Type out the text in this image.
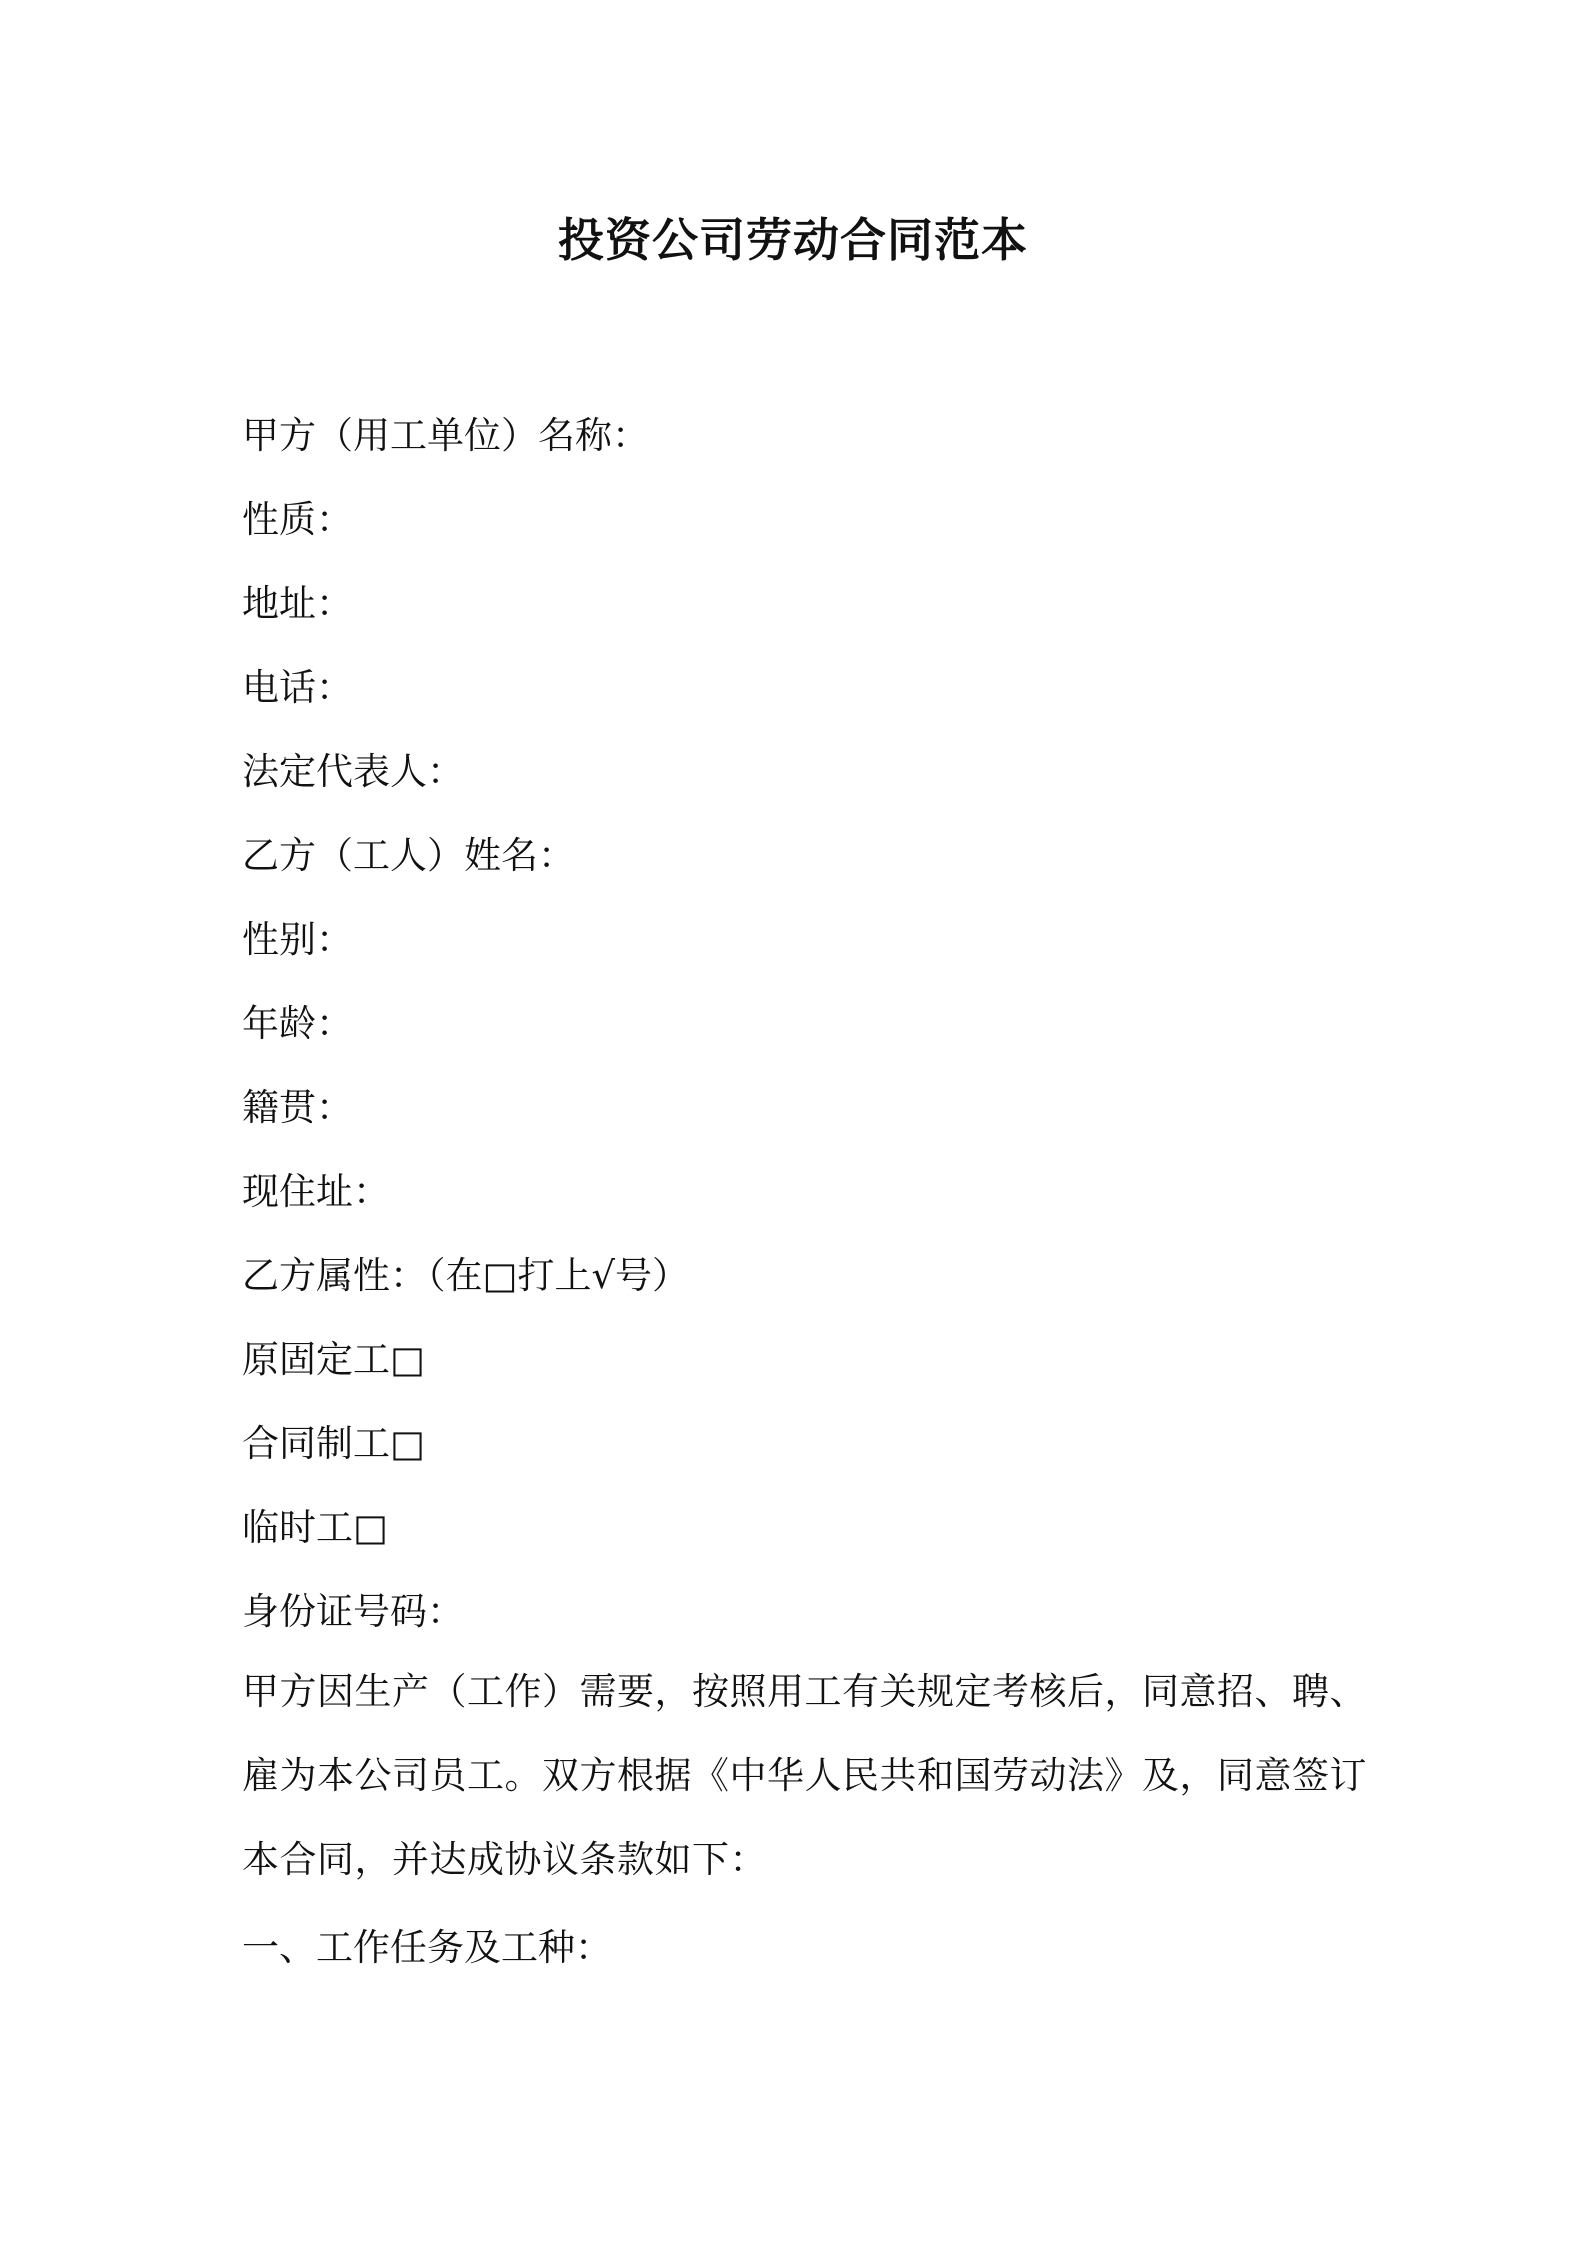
投资公司劳动合同范本
甲方（用工单位）名称：
性质：
地址：
电话：
法定代表人：
乙方（工人）姓名：
性别：
年龄：
籍贯：
现住址：
乙方属性：（在□打上√号）
原固定工□
合同制工□
临时工□
身份证号码：
甲方因生产（工作）需要，按照用工有关规定考核后，同意招、聘、
雇为本公司员工。双方根据《中华人民共和国劳动法》及，同意签订
本合同，并达成协议条款如下：
一、工作任务及工种：
